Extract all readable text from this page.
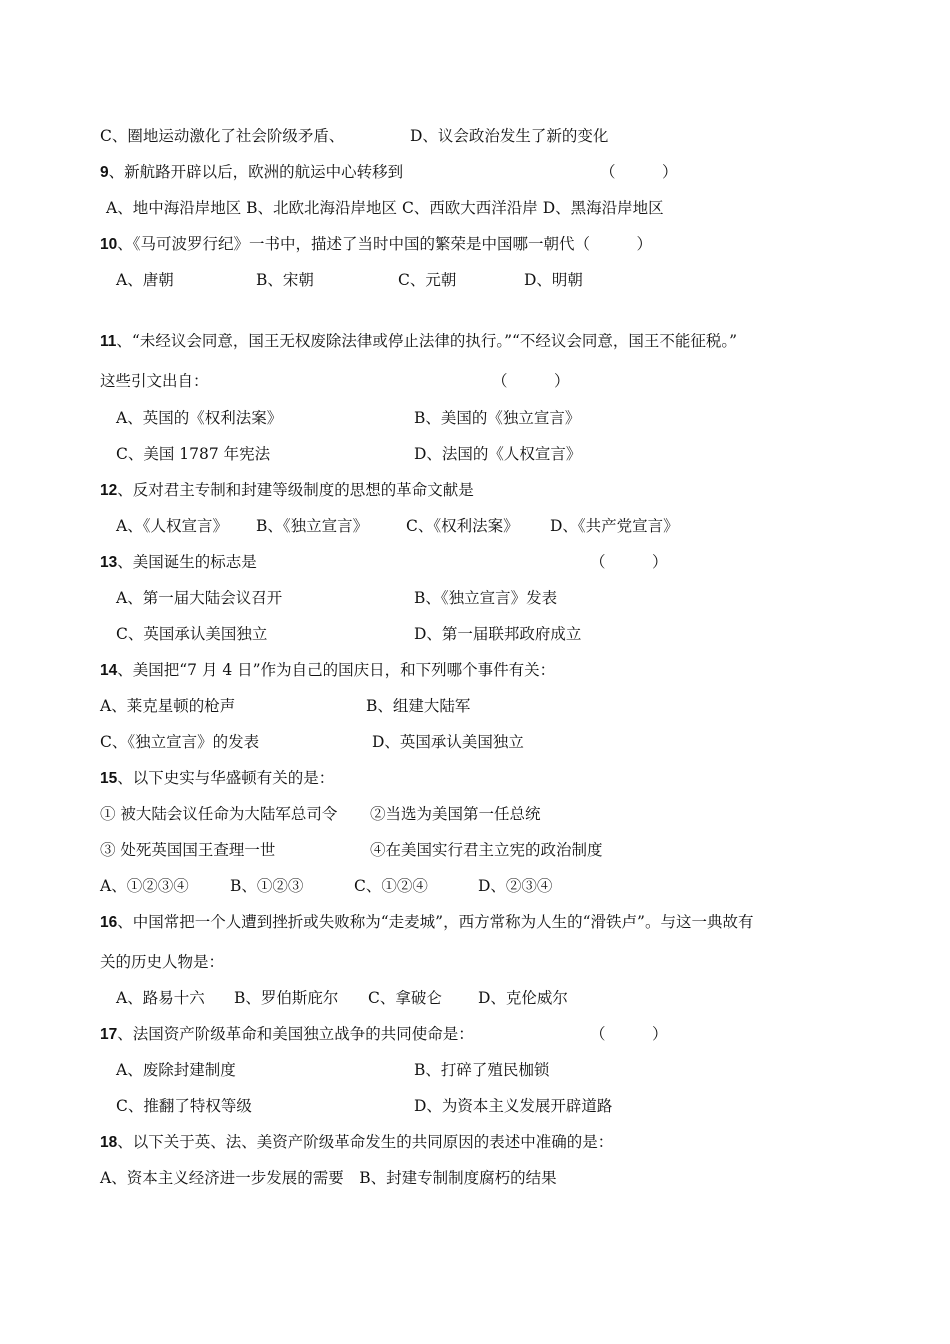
C、圈地运动激化了社会阶级矛盾、	D、议会政治发生了新的变化
9、新航路开辟以后，欧洲的航运中心转移到	（　　　）
A、地中海沿岸地区 B、北欧北海沿岸地区 C、西欧大西洋沿岸 D、黑海沿岸地区
10、《马可波罗行纪》一书中，描述了当时中国的繁荣是中国哪一朝代（　　　）
A、唐朝	B、宋朝	C、元朝	D、明朝
11、“未经议会同意，国王无权废除法律或停止法律的执行。”“不经议会同意，国王不能征税。”
这些引文出自：	（　　　）
A、英国的《权利法案》	B、美国的《独立宣言》
C、美国 1787 年宪法	D、法国的《人权宣言》
12、反对君主专制和封建等级制度的思想的革命文献是
A、《人权宣言》 B、《独立宣言》 C、《权利法案》 D、《共产党宣言》
13、美国诞生的标志是	（　　　）
A、第一届大陆会议召开	B、《独立宣言》发表
C、英国承认美国独立	D、第一届联邦政府成立
14、美国把“7 月 4 日”作为自己的国庆日，和下列哪个事件有关：
A、莱克星顿的枪声	B、组建大陆军
C、《独立宣言》的发表	D、英国承认美国独立
15、以下史实与华盛顿有关的是：
① 被大陆会议任命为大陆军总司令 ②当选为美国第一任总统
③ 处死英国国王查理一世	④在美国实行君主立宪的政治制度
A、①②③④	B、①②③	C、①②④	D、②③④
16、中国常把一个人遭到挫折或失败称为“走麦城”，西方常称为人生的“滑铁卢”。与这一典故有
关的历史人物是：
A、路易十六 B、罗伯斯庇尔 C、拿破仑 D、克伦威尔
17、法国资产阶级革命和美国独立战争的共同使命是：	（　　　）
A、废除封建制度	B、打碎了殖民枷锁
C、推翻了特权等级	D、为资本主义发展开辟道路
18、以下关于英、法、美资产阶级革命发生的共同原因的表述中准确的是：
A、资本主义经济进一步发展的需要　B、封建专制制度腐朽的结果
